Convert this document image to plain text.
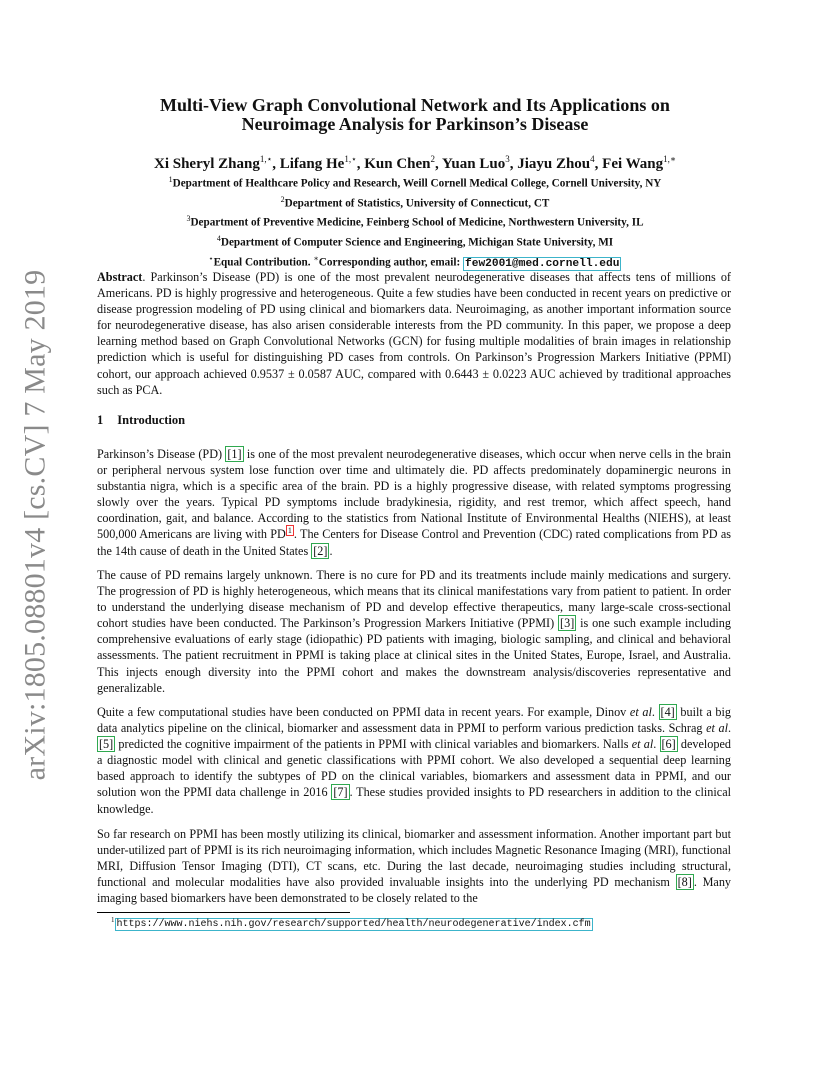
arXiv:1805.08801v4 [cs.CV] 7 May 2019
Multi-View Graph Convolutional Network and Its Applications on
Neuroimage Analysis for Parkinson’s Disease

Xi Sheryl Zhang$^{1,⋆}$, Lifang $He^{1,⋆}$, Kun Chen$^2$, Yuan Luo$^3$, Jiayu Zhou$^4$, Fei Wang$^{1,∗}$

$^1$Department of Healthcare Policy and Research, Weill Cornell Medical College, Cornell University, NY
$^2$Department of Statistics, University of Connecticut, CT
$^3$Department of Preventive Medicine, Feinberg School of Medicine, Northwestern University, IL
$^4$Department of Computer Science and Engineering, Michigan State University, MI
⋆Equal Contribution. ∗Corresponding author, email: few2001@med.cornell.edu

Abstract. Parkinson’s Disease (PD) is one of the most prevalent neurodegenerative diseases that affects tens of millions of Americans. PD is highly progressive and heterogeneous. Quite a few studies have been conducted in recent years on predictive or disease progression modeling of PD using clinical and biomarkers data. Neuroimaging, as another important information source for neurodegenerative disease, has also arisen considerable interests from the PD community. In this paper, we propose a deep learning method based on Graph Convolutional Networks (GCN) for fusing multiple modalities of brain images in relationship prediction which is useful for distinguishing PD cases from controls. On Parkinson’s Progression Markers Initiative (PPMI) cohort, our approach achieved 0.9537 ± 0.0587 AUC, compared with 0.6443 ± 0.0223 AUC achieved by traditional approaches such as PCA.

1 Introduction

Parkinson’s Disease (PD) [1] is one of the most prevalent neurodegenerative diseases, which occur when nerve cells in the brain or peripheral nervous system lose function over time and ultimately die. PD affects predominately dopaminergic neurons in substantia nigra, which is a specific area of the brain. PD is a highly progressive disease, with related symptoms progressing slowly over the years. Typical PD symptoms include bradykinesia, rigidity, and rest tremor, which affect speech, hand coordination, gait, and balance. According to the statistics from National Institute of Environmental Healths (NIEHS), at least 500,000 Americans are living with PD $^1$ . The Centers for Disease Control and Prevention (CDC) rated complications from PD as the 14th cause of death in the United States [2] .

The cause of PD remains largely unknown. There is no cure for PD and its treatments include mainly medications and surgery. The progression of PD is highly heterogeneous, which means that its clinical manifestations vary from patient to patient. In order to understand the underlying disease mechanism of PD and develop effective therapeutics, many large-scale cross-sectional cohort studies have been conducted. The Parkinson’s Progression Markers Initiative (PPMI) [3] is one such example including comprehensive evaluations of early stage (idiopathic) PD patients with imaging, biologic sampling, and clinical and behavioral assessments. The patient recruitment in PPMI is taking place at clinical sites in the United States, Europe, Israel, and Australia. This injects enough diversity into the PPMI cohort and makes the downstream analysis/discoveries representative and generalizable.

Quite a few computational studies have been conducted on PPMI data in recent years. For example, Dinov et al. [4] built a big data analytics pipeline on the clinical, biomarker and assessment data in PPMI to perform various prediction tasks. Schrag et al. [5] predicted the cognitive impairment of the patients in PPMI with clinical variables and biomarkers. Nalls et al. [6] developed a diagnostic model with clinical and genetic classifications with PPMI cohort. We also developed a sequential deep learning based approach to identify the subtypes of PD on the clinical variables, biomarkers and assessment data in PPMI, and our solution won the PPMI data challenge in 2016 [7] . These studies provided insights to PD researchers in addition to the clinical knowledge.

So far research on PPMI has been mostly utilizing its clinical, biomarker and assessment information. Another important part but under-utilized part of PPMI is its rich neuroimaging information, which includes Magnetic Resonance Imaging (MRI), functional MRI, Diffusion Tensor Imaging (DTI), CT scans, etc. During the last decade, neuroimaging studies including structural, functional and molecular modalities have also provided invaluable insights into the underlying PD mechanism [8] . Many imaging based biomarkers have been demonstrated to be closely related to the

$^1$ https://www.niehs.nih.gov/research/supported/health/neurodegenerative/index.cfm
